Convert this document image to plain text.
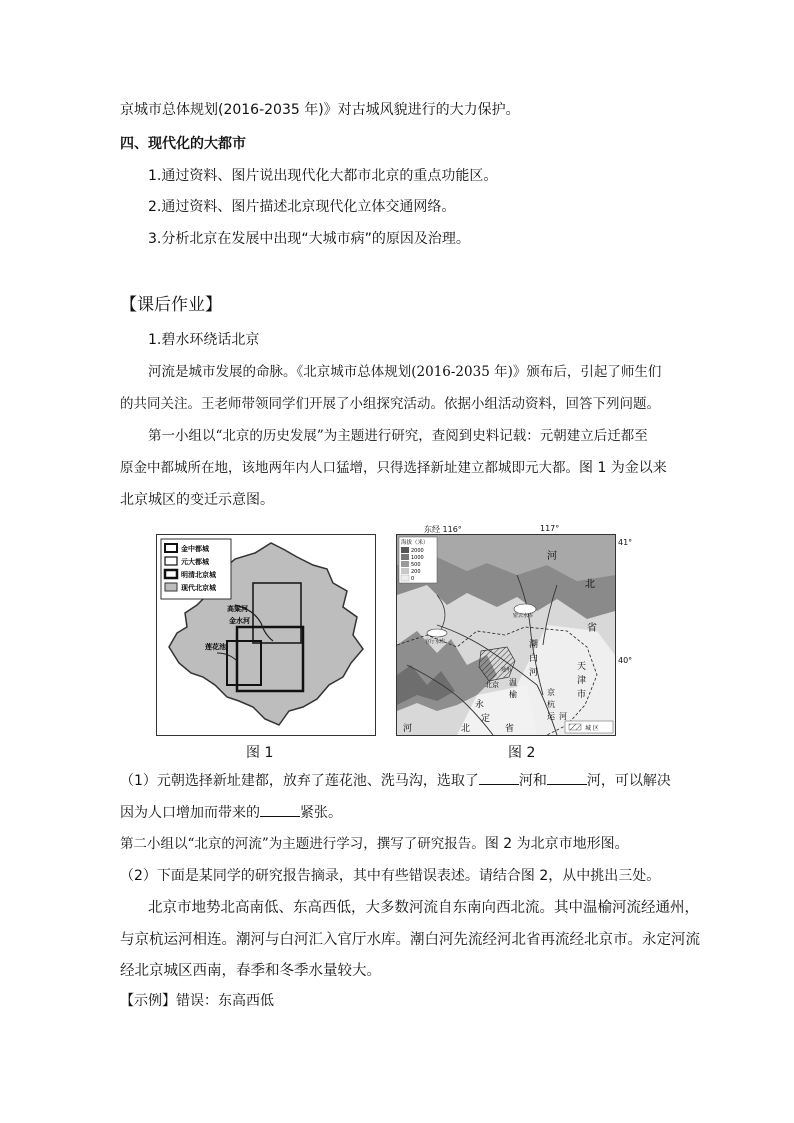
京城市总体规划(2016-2035 年)》对古城风貌进行的大力保护。
四、现代化的大都市
1.通过资料、图片说出现代化大都市北京的重点功能区。
2.通过资料、图片描述北京现代化立体交通网络。
3.分析北京在发展中出现“大城市病”的原因及治理。
【课后作业】
1.碧水环绕话北京
河流是城市发展的命脉。《北京城市总体规划(2016-2035 年)》颁布后，引起了师生们
的共同关注。王老师带领同学们开展了小组探究活动。依据小组活动资料，回答下列问题。
第一小组以“北京的历史发展”为主题进行研究，查阅到史料记载：元朝建立后迁都至
原金中都城所在地，该地两年内人口猛增，只得选择新址建立都城即元大都。图 1 为金以来
北京城区的变迁示意图。
金中都城
元大都城
明清北京城
现代北京城
高粱河
金水河
莲花池
图 1
东经 116°	117°
海拔（米）
2000
1000
500
200
0
城 区
河
北
省
天
津
市
潮
白
河
温
榆
北京
永
定
河	北	省
京
杭
运 河
官厅水库
密云水库
通州
41°
40°
图 2
（1）元朝选择新址建都，放弃了莲花池、洗马沟，选取了	河和	河，可以解决
因为人口增加而带来的	紧张。
第二小组以“北京的河流”为主题进行学习，撰写了研究报告。图 2 为北京市地形图。
（2）下面是某同学的研究报告摘录，其中有些错误表述。请结合图 2，从中挑出三处。
北京市地势北高南低、东高西低，大多数河流自东南向西北流。其中温榆河流经通州，
与京杭运河相连。潮河与白河汇入官厅水库。潮白河先流经河北省再流经北京市。永定河流
经北京城区西南，春季和冬季水量较大。
【示例】错误：东高西低
